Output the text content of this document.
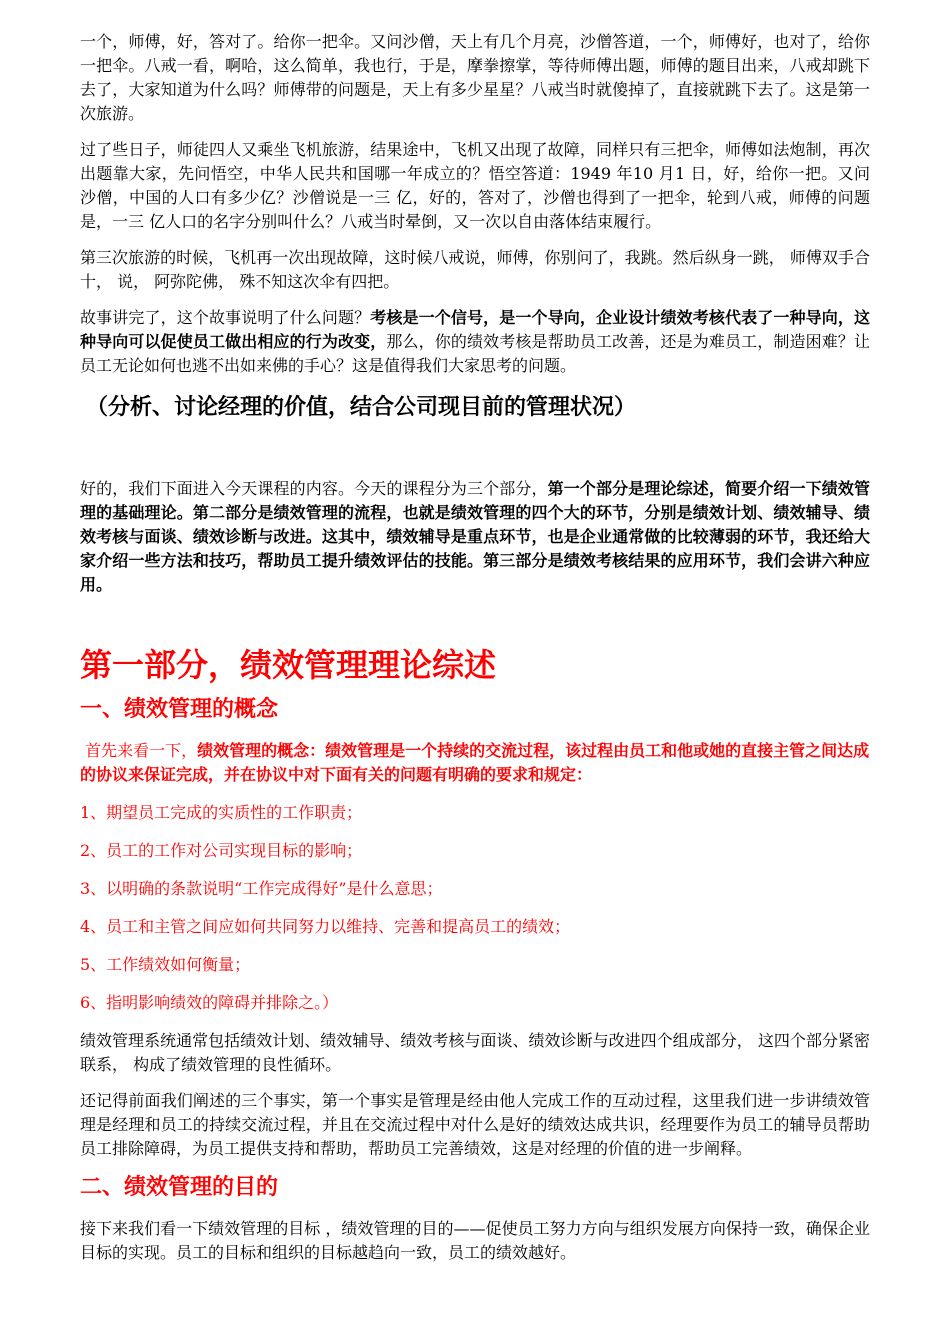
一个，师傅，好，答对了。给你一把伞。又问沙僧，天上有几个月亮，沙僧答道，一个，师傅好，也对了，给你一把伞。八戒一看，啊哈，这么简单，我也行，于是，摩拳擦掌，等待师傅出题，师傅的题目出来，八戒却跳下去了，大家知道为什么吗？师傅带的问题是，天上有多少星星？八戒当时就傻掉了，直接就跳下去了。这是第一次旅游。

过了些日子，师徒四人又乘坐飞机旅游，结果途中，飞机又出现了故障，同样只有三把伞，师傅如法炮制，再次出题靠大家，先问悟空，中华人民共和国哪一年成立的？悟空答道：1949 年10 月1 日，好，给你一把。又问沙僧，中国的人口有多少亿？沙僧说是一三 亿，好的，答对了，沙僧也得到了一把伞，轮到八戒，师傅的问题是，一三 亿人口的名字分别叫什么？八戒当时晕倒，又一次以自由落体结束履行。

第三次旅游的时候，飞机再一次出现故障，这时候八戒说，师傅，你别问了，我跳。然后纵身一跳， 师傅双手合十， 说， 阿弥陀佛， 殊不知这次伞有四把。

故事讲完了，这个故事说明了什么问题？考核是一个信号，是一个导向，企业设计绩效考核代表了一种导向，这种导向可以促使员工做出相应的行为改变，那么，你的绩效考核是帮助员工改善，还是为难员工，制造困难？让员工无论如何也逃不出如来佛的手心？这是值得我们大家思考的问题。

（分析、讨论经理的价值，结合公司现目前的管理状况）

好的，我们下面进入今天课程的内容。今天的课程分为三个部分，第一个部分是理论综述，简要介绍一下绩效管理的基础理论。第二部分是绩效管理的流程，也就是绩效管理的四个大的环节，分别是绩效计划、绩效辅导、绩效考核与面谈、绩效诊断与改进。这其中，绩效辅导是重点环节，也是企业通常做的比较薄弱的环节，我还给大家介绍一些方法和技巧，帮助员工提升绩效评估的技能。第三部分是绩效考核结果的应用环节，我们会讲六种应用。

第一部分，绩效管理理论综述
一、绩效管理的概念

首先来看一下，绩效管理的概念：绩效管理是一个持续的交流过程，该过程由员工和他或她的直接主管之间达成的协议来保证完成，并在协议中对下面有关的问题有明确的要求和规定：

1、期望员工完成的实质性的工作职责；

2、员工的工作对公司实现目标的影响；

3、以明确的条款说明“工作完成得好”是什么意思；

4、员工和主管之间应如何共同努力以维持、完善和提高员工的绩效；

5、工作绩效如何衡量；

6、指明影响绩效的障碍并排除之。）

绩效管理系统通常包括绩效计划、绩效辅导、绩效考核与面谈、绩效诊断与改进四个组成部分， 这四个部分紧密联系， 构成了绩效管理的良性循环。

还记得前面我们阐述的三个事实，第一个事实是管理是经由他人完成工作的互动过程，这里我们进一步讲绩效管理是经理和员工的持续交流过程，并且在交流过程中对什么是好的绩效达成共识，经理要作为员工的辅导员帮助员工排除障碍，为员工提供支持和帮助，帮助员工完善绩效，这是对经理的价值的进一步阐释。

二、绩效管理的目的

接下来我们看一下绩效管理的目标 ，绩效管理的目的——促使员工努力方向与组织发展方向保持一致，确保企业目标的实现。员工的目标和组织的目标越趋向一致，员工的绩效越好。
